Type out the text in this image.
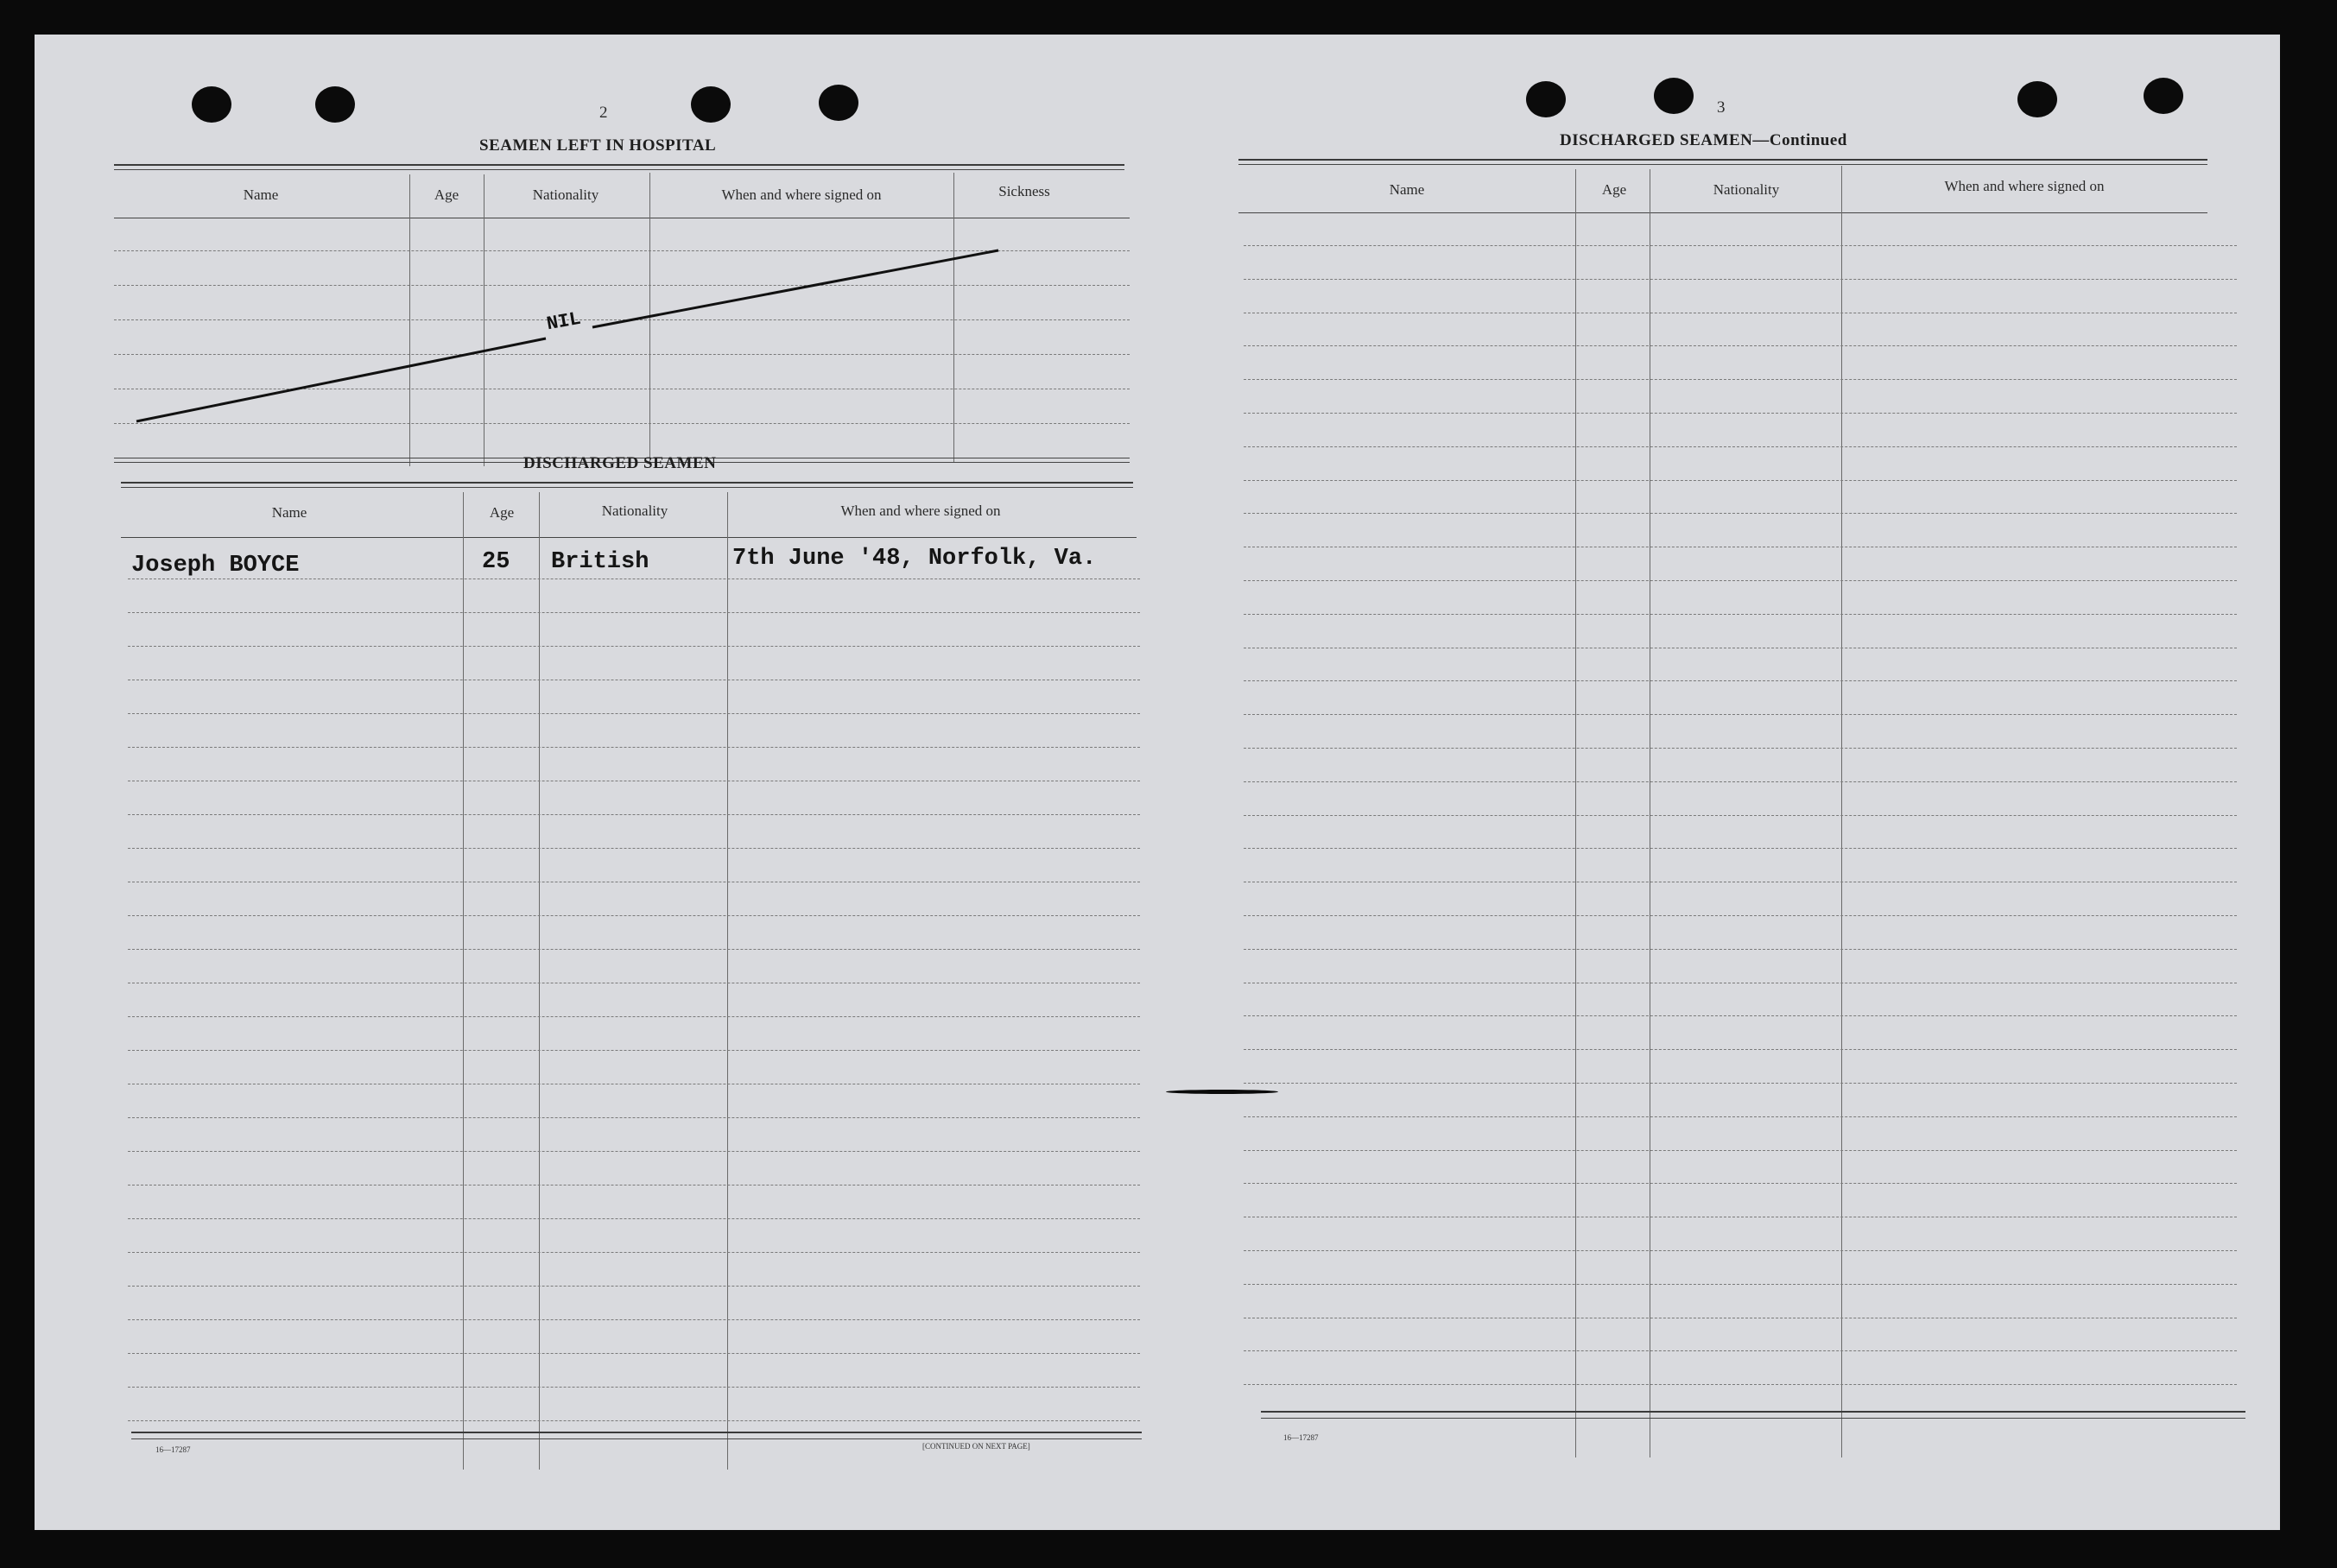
2
SEAMEN LEFT IN HOSPITAL
Name	Age	Nationality	When and where signed on	Sickness
NIL
DISCHARGED SEAMEN
Name	Age	Nationality	When and where signed on
Joseph BOYCE	25 British	7th June '48, Norfolk, Va.
16—17287	[CONTINUED ON NEXT PAGE]
3
DISCHARGED SEAMEN—Continued
Name	Age	Nationality	When and where signed on
16—17287
